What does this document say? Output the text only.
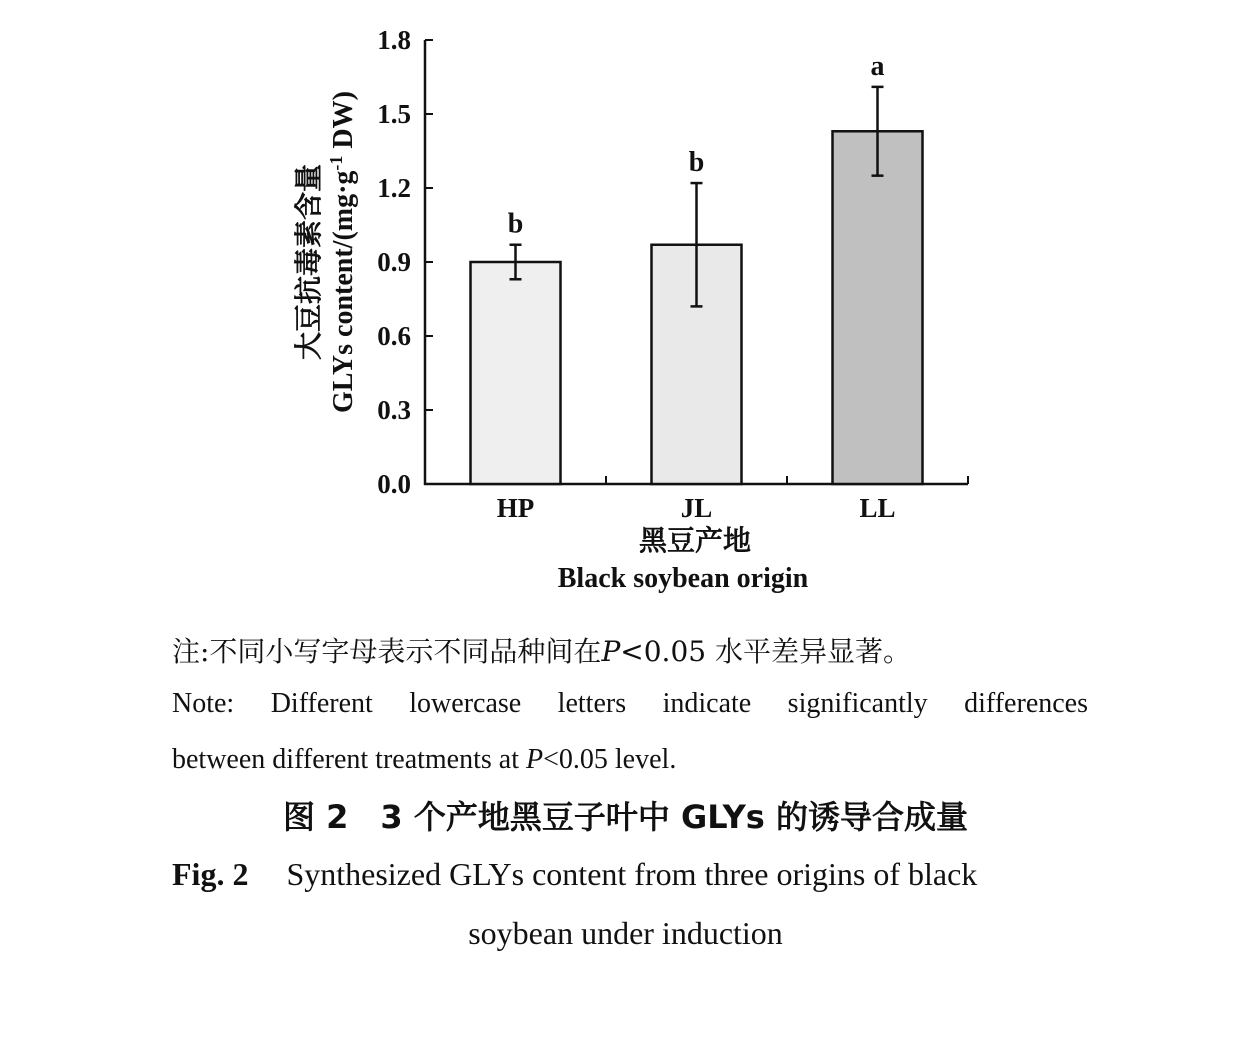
0.0
0.3
0.6
0.9
1.2
1.5
1.8
b
HP
b
JL
a
LL
黑豆产地
Black soybean origin
大豆抗毒素含量 GLYs content/($mg\cdot g^{-1}$ DW)
注:不同小写字母表示不同品种间在P<0.05 水平差异显著。
Note: Different lowercase letters indicate significantly differences
between different treatments at P<0.05 level.
图 2　3 个产地黑豆子叶中 GLYs 的诱导合成量
Fig. 2 Synthesized GLYs content from three origins of black
soybean under induction
